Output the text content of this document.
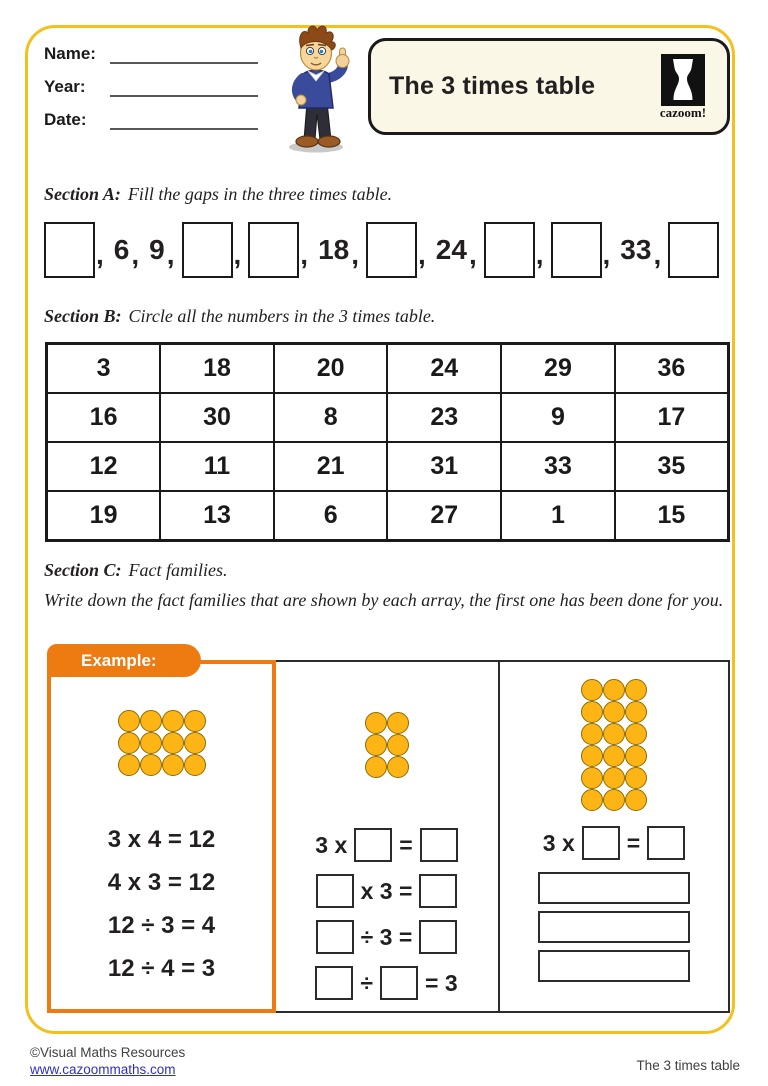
Name:
Year:
Date:
The 3 times table
cazoom!
Section A: Fill the gaps in the three times table.
, 6 , 9 , , , 18 , , 24 , , , 33 ,
Section B: Circle all the numbers in the 3 times table.
3	18	20	24	29	36
16	30	8	23	9	17
12	11	21	31	33	35
19	13	6	27	1	15
Section C: Fact families.
Write down the fact families that are shown by each array, the first one has been done for you.
Example:
3 x 4 = 12
4 x 3 = 12
12 ÷ 3 = 4
12 ÷ 4 = 3
3 x =
x 3 =
÷ 3 =
÷ = 3
3 x =
©Visual Maths Resources
www.cazoommaths.com	The 3 times table
